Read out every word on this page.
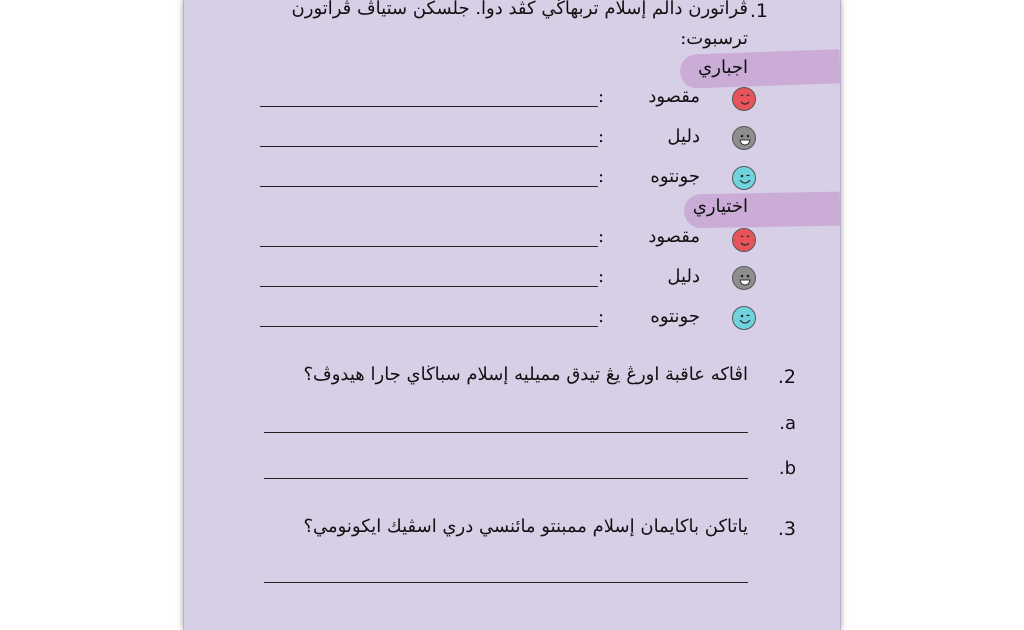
.1
ڤراتورن دالم إسلام تربهاڬي كڤد دوا. جلسكن ستياڤ ڤراتورن
ترسبوت:
اجباري
مقصود
:
دليل
:
جونتوه
:
اختياري
مقصود
:
دليل
:
جونتوه
:
.2
اڤاكه عاقبة اورڠ يڠ تيدق مميليه إسلام سباڬاي جارا هيدوڤ؟
.a
.b
.3
ياتاكن باكايمان إسلام ممبنتو مائنسي دري اسڤيك ايكونومي؟
